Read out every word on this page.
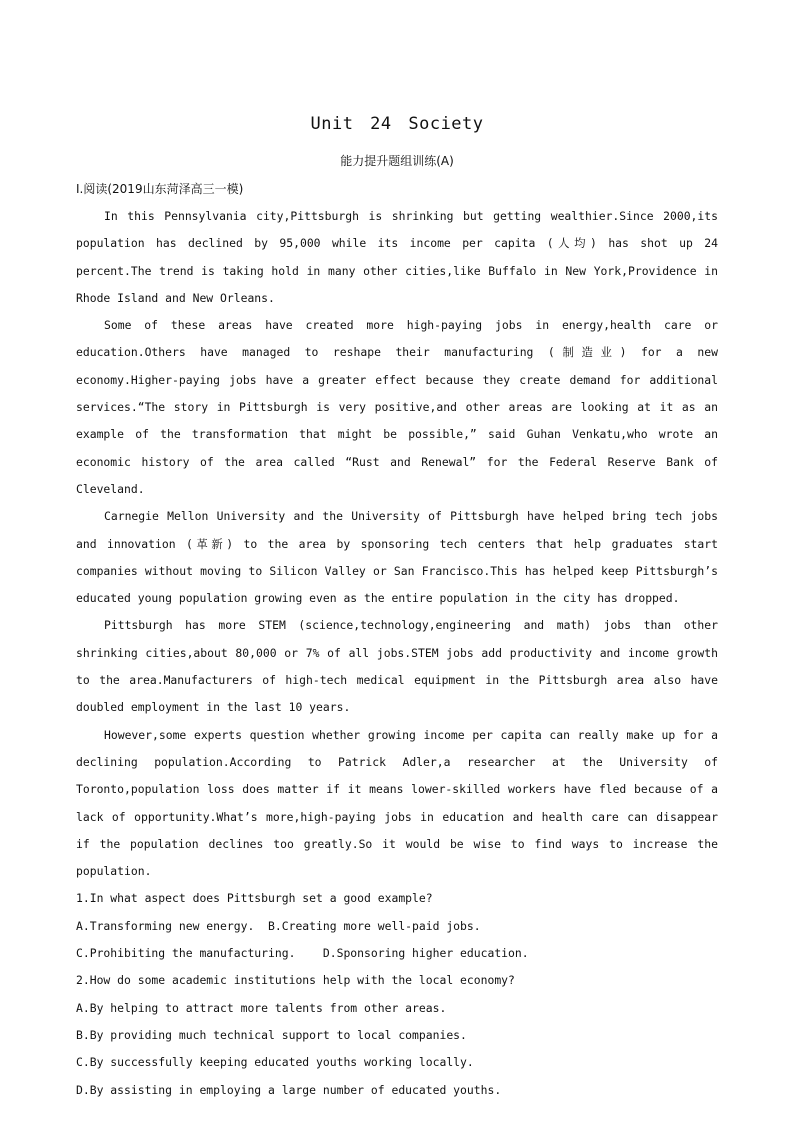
Unit 24 Society
能力提升题组训练(A)
Ⅰ.阅读(2019山东菏泽高三一模)

In this Pennsylvania city,Pittsburgh is shrinking but getting wealthier.Since 2000,its population has declined by 95,000 while its income per capita (人均) has shot up 24 percent.The trend is taking hold in many other cities,like Buffalo in New York,Providence in Rhode Island and New Orleans.

Some of these areas have created more high-paying jobs in energy,health care or education.Others have managed to reshape their manufacturing (制造业) for a new economy.Higher-paying jobs have a greater effect because they create demand for additional services.“The story in Pittsburgh is very positive,and other areas are looking at it as an example of the transformation that might be possible,” said Guhan Venkatu,who wrote an economic history of the area called “Rust and Renewal” for the Federal Reserve Bank of Cleveland.

Carnegie Mellon University and the University of Pittsburgh have helped bring tech jobs and innovation (革新) to the area by sponsoring tech centers that help graduates start companies without moving to Silicon Valley or San Francisco.This has helped keep Pittsburgh’s educated young population growing even as the entire population in the city has dropped.

Pittsburgh has more STEM (science,technology,engineering and math) jobs than other shrinking cities,about 80,000 or 7% of all jobs.STEM jobs add productivity and income growth to the area.Manufacturers of high-tech medical equipment in the Pittsburgh area also have doubled employment in the last 10 years.

However,some experts question whether growing income per capita can really make up for a declining population.According to Patrick Adler,a researcher at the University of Toronto,population loss does matter if it means lower-skilled workers have fled because of a lack of opportunity.What’s more,high-paying jobs in education and health care can disappear if the population declines too greatly.So it would be wise to find ways to increase the population.

1.In what aspect does Pittsburgh set a good example?

A.Transforming new energy.  B.Creating more well-paid jobs.

C.Prohibiting the manufacturing.    D.Sponsoring higher education.

2.How do some academic institutions help with the local economy?

A.By helping to attract more talents from other areas.

B.By providing much technical support to local companies.

C.By successfully keeping educated youths working locally.

D.By assisting in employing a large number of educated youths.
